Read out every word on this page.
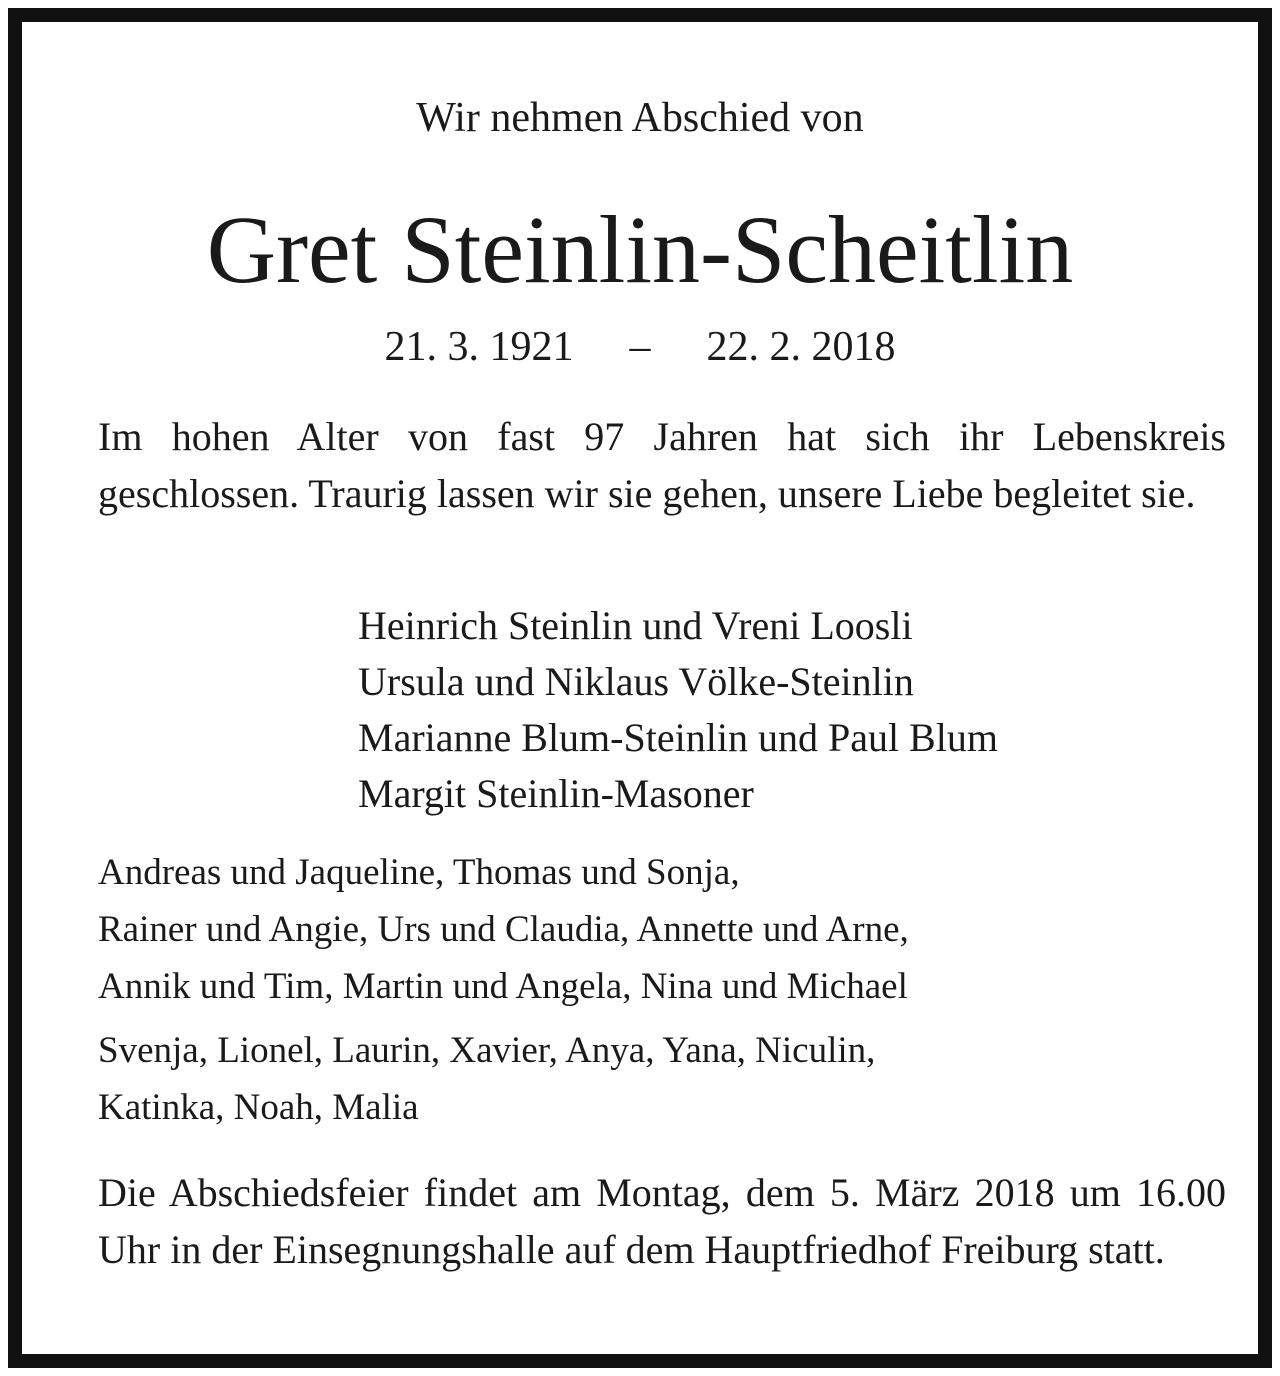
Wir nehmen Abschied von
Gret Steinlin-Scheitlin
21. 3. 1921 – 22. 2. 2018

Im hohen Alter von fast 97 Jahren hat sich ihr Lebenskreis geschlossen. Traurig lassen wir sie gehen, unsere Liebe begleitet sie.

Heinrich Steinlin und Vreni Loosli
Ursula und Niklaus Völke-Steinlin
Marianne Blum-Steinlin und Paul Blum
Margit Steinlin-Masoner
Andreas und Jaqueline, Thomas und Sonja,
Rainer und Angie, Urs und Claudia, Annette und Arne,
Annik und Tim, Martin und Angela, Nina und Michael
Svenja, Lionel, Laurin, Xavier, Anya, Yana, Niculin,
Katinka, Noah, Malia

Die Abschiedsfeier findet am Montag, dem 5. März 2018 um 16.00 Uhr in der Einsegnungshalle auf dem Hauptfriedhof Freiburg statt.
